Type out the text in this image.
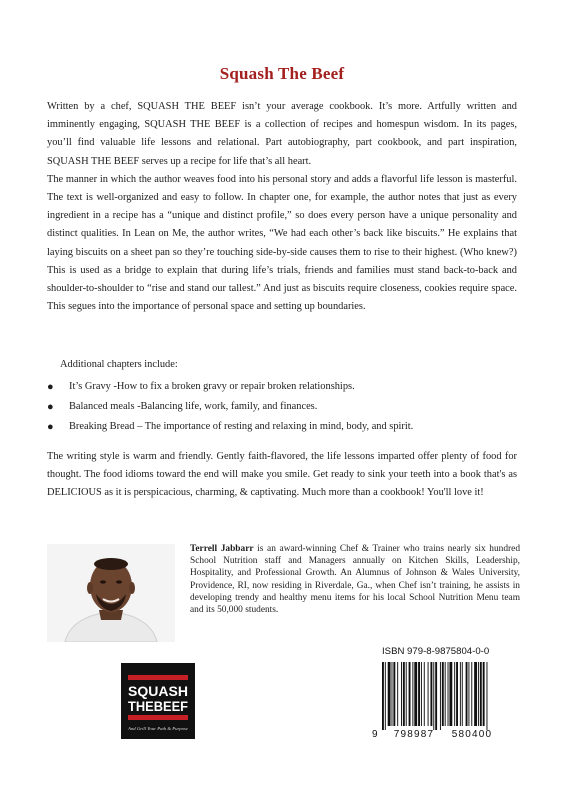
Squash The Beef

Written by a chef, SQUASH THE BEEF isn’t your average cookbook. It’s more. Artfully written and imminently engaging, SQUASH THE BEEF is a collection of recipes and homespun wisdom. In its pages, you’ll find valuable life lessons and relational. Part autobiography, part cookbook, and part inspiration, SQUASH THE BEEF serves up a recipe for life that’s all heart.

The manner in which the author weaves food into his personal story and adds a flavorful life lesson is masterful. The text is well-organized and easy to follow. In chapter one, for example, the author notes that just as every ingredient in a recipe has a “unique and distinct profile,” so does every person have a unique personality and distinct qualities. In Lean on Me, the author writes, “We had each other’s back like biscuits.” He explains that laying biscuits on a sheet pan so they’re touching side-by-side causes them to rise to their highest. (Who knew?) This is used as a bridge to explain that during life’s trials, friends and families must stand back-to-back and shoulder-to-shoulder to “rise and stand our tallest.” And just as biscuits require closeness, cookies require space. This segues into the importance of personal space and setting up boundaries.

Additional chapters include:
● It’s Gravy -How to fix a broken gravy or repair broken relationships.
● Balanced meals -Balancing life, work, family, and finances.
● Breaking Bread – The importance of resting and relaxing in mind, body, and spirit.
The writing style is warm and friendly. Gently faith-flavored, the life lessons imparted offer plenty of food for thought. The food idioms toward the end will make you smile. Get ready to sink your teeth into a book that's as DELICIOUS as it is perspicacious, charming, & captivating. Much more than a cookbook! You'll love it!
Terrell Jabbarr is an award-winning Chef & Trainer who trains nearly six hundred School Nutrition staff and Managers annually on Kitchen Skills, Leadership, Hospitality, and Professional Growth. An Alumnus of Johnson & Wales University, Providence, RI, now residing in Riverdale, Ga., when Chef isn’t training, he assists in developing trendy and healthy menu items for his local School Nutrition Menu team and its 50,000 students.
ISBN 979-8-9875804-0-0
9 798987 580400
SQUASH
THEBEEF
And Grill Your Path & Purpose
